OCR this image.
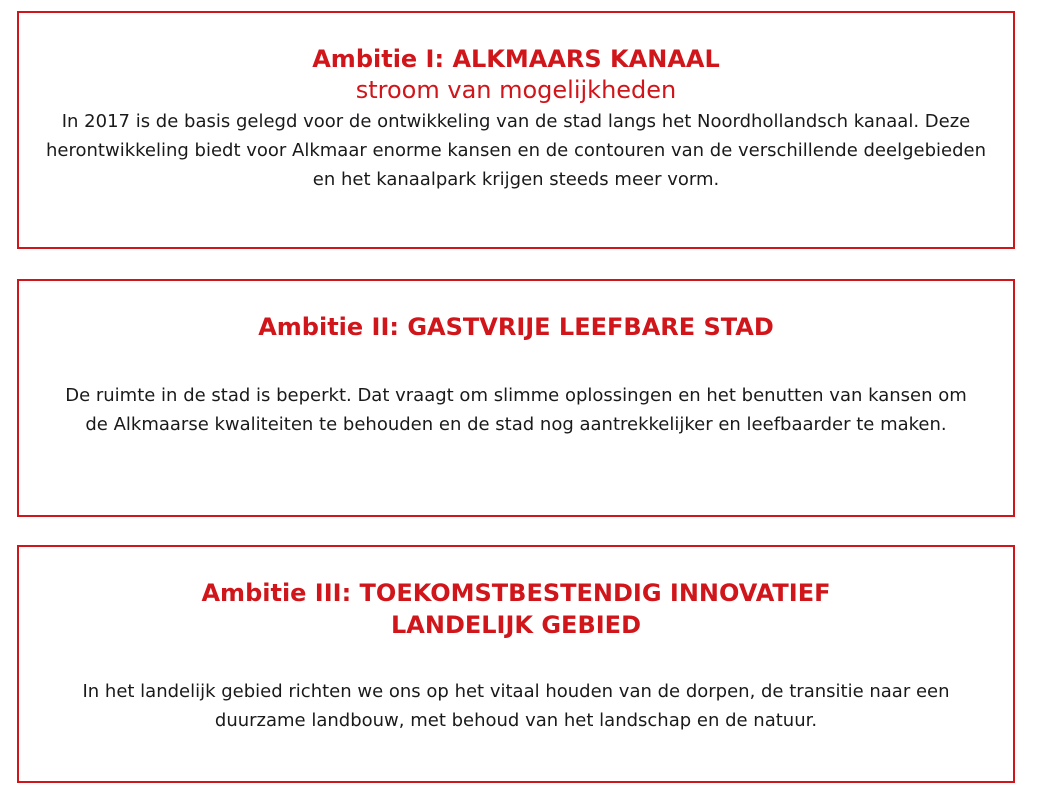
Ambitie I: ALKMAARS KANAAL

stroom van mogelijkheden

In 2017 is de basis gelegd voor de ontwikkeling van de stad langs het Noordhollandsch kanaal. Deze herontwikkeling biedt voor Alkmaar enorme kansen en de contouren van de verschillende deelgebieden en het kanaalpark krijgen steeds meer vorm.

Ambitie II: GASTVRIJE LEEFBARE STAD

De ruimte in de stad is beperkt. Dat vraagt om slimme oplossingen en het benutten van kansen om de Alkmaarse kwaliteiten te behouden en de stad nog aantrekkelijker en leefbaarder te maken.

Ambitie III: TOEKOMSTBESTENDIG INNOVATIEF
LANDELIJK GEBIED

In het landelijk gebied richten we ons op het vitaal houden van de dorpen, de transitie naar een duurzame landbouw, met behoud van het landschap en de natuur.
